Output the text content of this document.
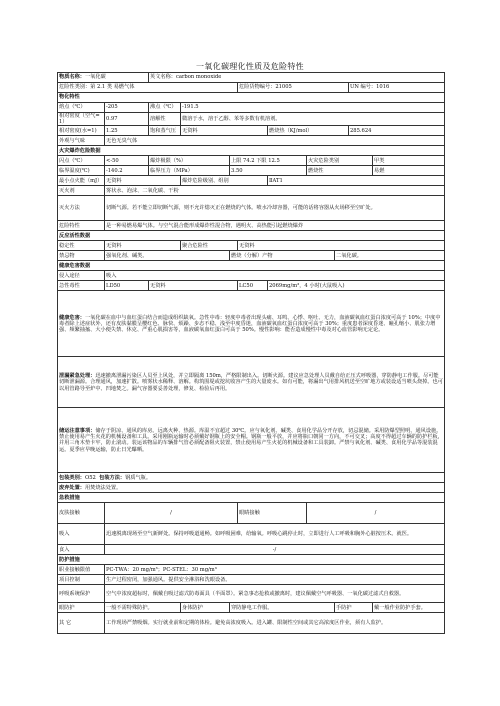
一氧化碳理化性质及危险特性
物质名称：一氧化碳		英文名称：carbon monoxide								
危险性类别：第 2.1 类 易燃气体					危险货物编号：21005				UN 编号：1016	
物化特性										
熔点（℃）	-205	沸点（℃）	-191.5							
相对密度（空气=1）	0.97	溶解性	微溶于水，溶于乙醇、苯等多数有机溶剂。							
相对密度(水=1)	1.25	饱和蒸气压	无资料			燃烧热（KJ/mol）			285.624	
外观与气味	无色无臭气体									
火灾爆炸危险数据										
闪点（℃）	<-50	爆炸极限（%）		上限 74.2 下限 12.5			火灾危险类别			甲类
临界温度(℃)	-140.2	临界压力（MPa）		3.50			燃烧性			易燃
最小点火能（mJ）	无资料		爆炸危险级别、组别			ⅡAT1				
灭火剂	雾状水、泡沫、二氧化碳、干粉									
灭火方法	切断气源。若不能立即切断气源，则不允许熄灭正在燃烧的气体。喷水冷却容器，可能的话将容器从火场移至空旷处。									
危险特性	是一种易燃易爆气体。与空气混合能形成爆炸性混合物，遇明火、高热能引起燃烧爆炸									
反应活性数据										
稳定性	无资料		聚合危险性		无资料					
禁忌物	强氧化剂、碱类。			燃烧（分解）产物				二氧化碳。		
健康危害数据										
侵入途径	吸入									
急性毒性	LD50	无资料			LC50	2069mg/m³，4 小时(大鼠吸入)				
健康危害：一氧化碳在血中与血红蛋白结合而造成组织缺氧。急性中毒：轻度中毒者出现头痛、耳鸣、心悸、呕吐、无力，血液碳氧血红蛋白浓度可高于 10%；中度中毒者除上述症状外，还有皮肤黏膜呈樱红色、脉快、烦躁、步态不稳、浅至中度昏迷，血液碳氧血红蛋白浓度可高于 30%；重度患者深度昏迷、瞳孔缩小、肌张力增强、频繁抽搐、大小便失禁、休克、严重心肌损害等，血液碳氧血红蛋白可高于 50%。慢性影响：能否造成慢性中毒及对心血管影响无定论。										
泄漏紧急处理：迅速撤离泄漏污染区人员至上风处，并立即隔离 150m，严格限制出入。切断火源。建议应急处理人员戴自给正压式呼吸器，穿防静电工作服。尽可能切断泄漏源。合理通风，加速扩散。喷雾状水稀释、溶解。构筑围堤或挖坑收容产生的大量废水。如有可能，将漏出气用排风机送至空旷地方或装设适当喷头烧掉。也可以用管路导至炉中、凹地焚之。漏气容器要妥善处理，修复、检验后再用。										
储运注意事项：储存于阴凉、通风的库房。远离火种、热源。库温不宜超过 30℃。应与氧化剂、碱类、食用化学品分开存放，切忌混储。采用防爆型照明、通风设施。禁止使用易产生火花的机械设备和工具。采用刚瓶运输时必须戴好钢瓶上的安全帽。钢瓶一般平放，并应将瓶口朝同一方向，不可交叉；高度不得超过车辆的防护栏板，并用三角木垫卡牢，防止滚动。装运该物品的车辆排气管必须配备阻火装置，禁止使用易产生火花的机械设备和工具装卸。严禁与氧化剂、碱类、食用化学品等混装混运。夏季应早晚运输，防止日光曝晒。										
包装类别：O52 包装方法：钢质气瓶。										
废弃处置：用焚烧法处置。										
急救措施										
皮肤接触	/				眼睛接触		/			
吸入	迅速脱离现场至空气新鲜处。保持呼吸道通畅。如呼吸困难，给输氧。呼吸心跳停止时，立即进行人工呼吸和胸外心脏按压术。就医。									
食入	-/									
防护措施										
职业接触限值	PC-TWA：20 mg/m³；PC-STEL：30 mg/m³									
项目控制	生产过程密闭，加强通风。提供安全淋浴和洗眼设备。									
呼吸系统保护	空气中浓度超标时，佩戴自吸过滤式防毒面具（半面罩）。紧急事态抢救或撤离时，建议佩戴空气呼吸器、一氧化碳过滤式自救器。									
眼防护	一般不需特殊防护。		身体防护	穿防静电工作服。				手防护		戴一般作业防护手套。
其 它	工作现场严禁吸烟。实行就业前和定期的体检。避免高浓度吸入。进入罐、限制性空间或其它高浓度区作业，须有人监护。									
